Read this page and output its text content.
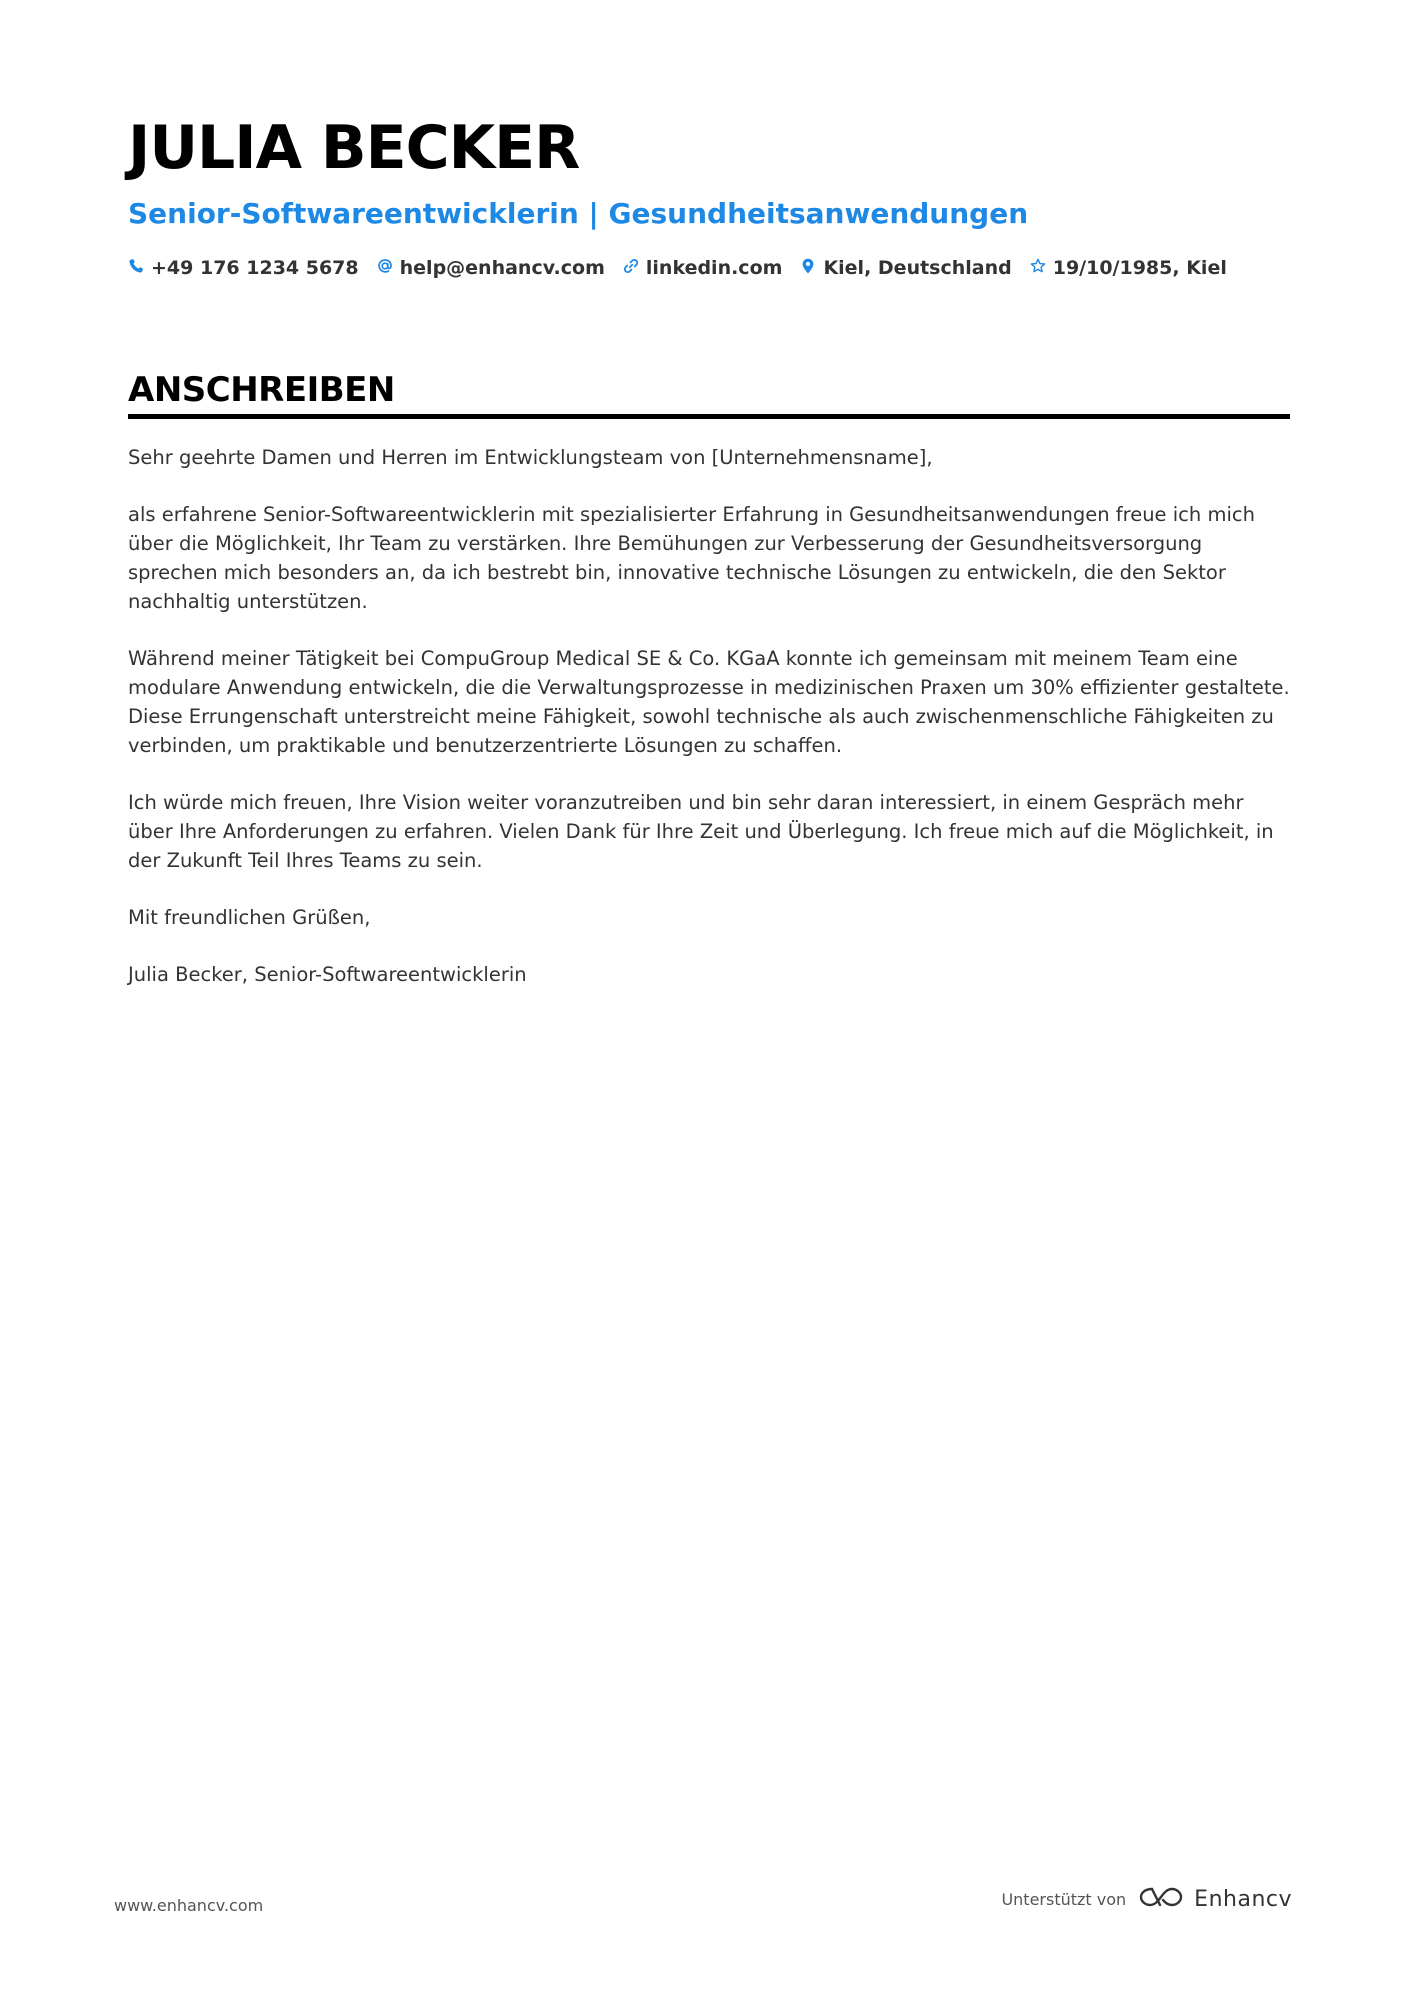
JULIA BECKER
Senior-Softwareentwicklerin | Gesundheitsanwendungen
+49 176 1234 5678 help@enhancv.com linkedin.com Kiel, Deutschland 19/10/1985, Kiel
ANSCHREIBEN

Sehr geehrte Damen und Herren im Entwicklungsteam von [Unternehmensname],

als erfahrene Senior-Softwareentwicklerin mit spezialisierter Erfahrung in Gesundheitsanwendungen freue ich mich über die Möglichkeit, Ihr Team zu verstärken. Ihre Bemühungen zur Verbesserung der Gesundheitsversorgung sprechen mich besonders an, da ich bestrebt bin, innovative technische Lösungen zu entwickeln, die den Sektor nachhaltig unterstützen.

Während meiner Tätigkeit bei CompuGroup Medical SE & Co. KGaA konnte ich gemeinsam mit meinem Team eine modulare Anwendung entwickeln, die die Verwaltungsprozesse in medizinischen Praxen um 30% effizienter gestaltete. Diese Errungenschaft unterstreicht meine Fähigkeit, sowohl technische als auch zwischenmenschliche Fähigkeiten zu verbinden, um praktikable und benutzerzentrierte Lösungen zu schaffen.

Ich würde mich freuen, Ihre Vision weiter voranzutreiben und bin sehr daran interessiert, in einem Gespräch mehr über Ihre Anforderungen zu erfahren. Vielen Dank für Ihre Zeit und Überlegung. Ich freue mich auf die Möglichkeit, in der Zukunft Teil Ihres Teams zu sein.

Mit freundlichen Grüßen,

Julia Becker, Senior-Softwareentwicklerin

www.enhancv.com	Unterstützt von	Enhancv
